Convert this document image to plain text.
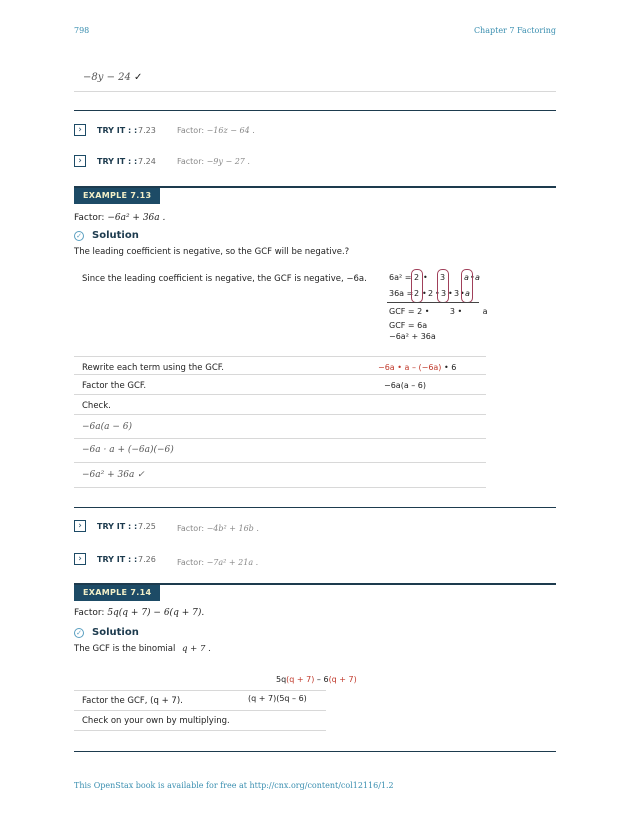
798	Chapter 7 Factoring
−8y − 24 ✓
›	TRY IT : : 7.23	Factor: −16z − 64 .
›	TRY IT : : 7.24	Factor: −9y − 27 .
EXAMPLE 7.13
Factor: −6a² + 36a .
✓ Solution
The leading coefficient is negative, so the GCF will be negative.?
Since the leading coefficient is negative, the GCF is negative, −6a.	6a² = 2 • 3 a • a
36a = 2 • 2 • 3 • 3 • a
GCF = 2 •        3 •        a
GCF = 6a
−6a² + 36a
Rewrite each term using the GCF.	−6a • a – (−6a) • 6
Factor the GCF.	−6a(a – 6)
Check.
−6a(a − 6)
−6a · a + (−6a)(−6)
−6a² + 36a ✓
›	TRY IT : : 7.25	Factor: −4b² + 16b .
›	TRY IT : : 7.26	Factor: −7a² + 21a .
EXAMPLE 7.14
Factor: 5q(q + 7) − 6(q + 7).
✓ Solution
The GCF is the binomial q + 7 .
5q(q + 7) – 6(q + 7)
Factor the GCF, (q + 7).	(q + 7)(5q – 6)
Check on your own by multiplying.
This OpenStax book is available for free at http://cnx.org/content/col12116/1.2
